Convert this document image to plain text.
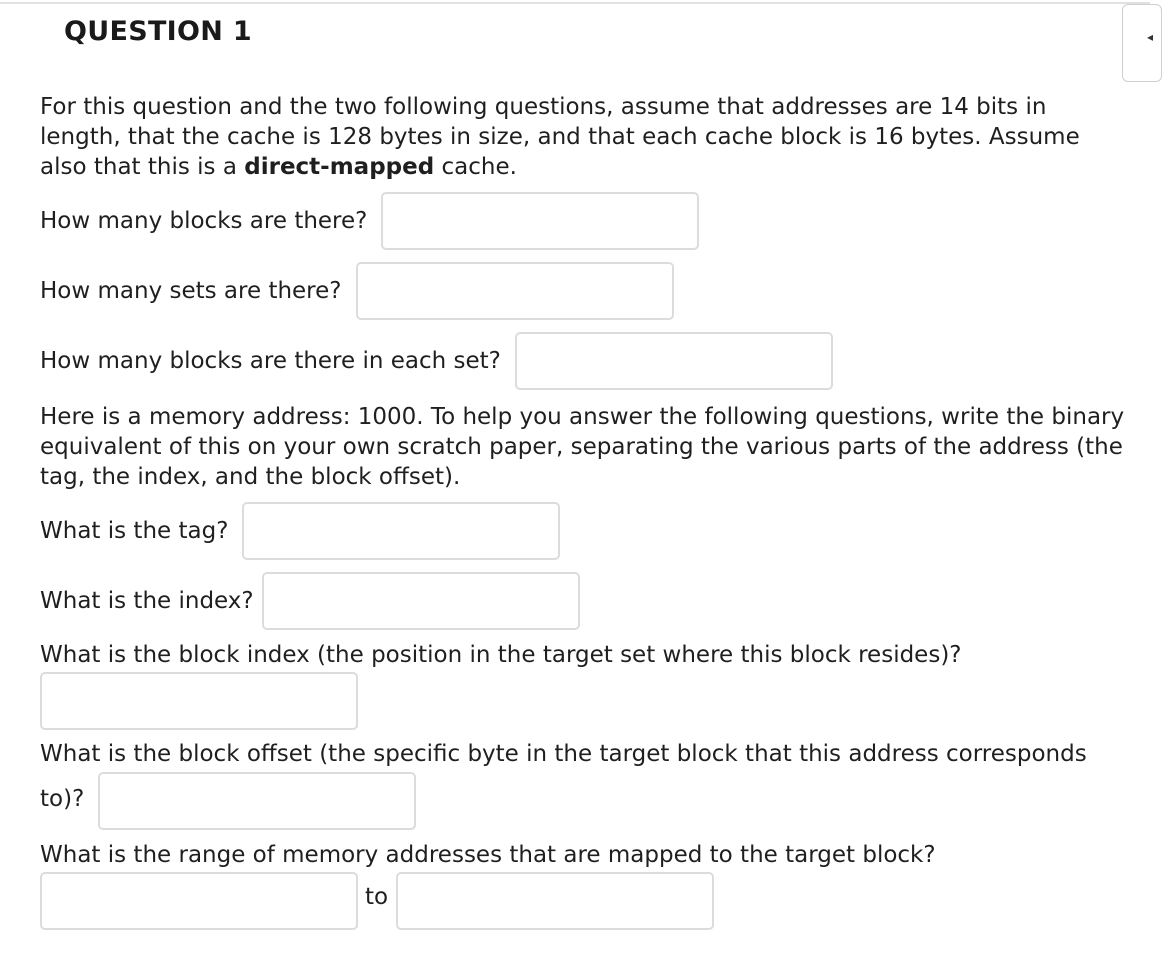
◂
QUESTION 1

For this question and the two following questions, assume that addresses are 14 bits in length, that the cache is 128 bytes in size, and that each cache block is 16 bytes. Assume also that this is a direct-mapped cache.

How many blocks are there?
How many sets are there?
How many blocks are there in each set?

Here is a memory address: 1000. To help you answer the following questions, write the binary equivalent of this on your own scratch paper, separating the various parts of the address (the tag, the index, and the block offset).

What is the tag?
What is the index?
What is the block index (the position in the target set where this block resides)?
What is the block offset (the specific byte in the target block that this address corresponds
to)?
What is the range of memory addresses that are mapped to the target block?
to
